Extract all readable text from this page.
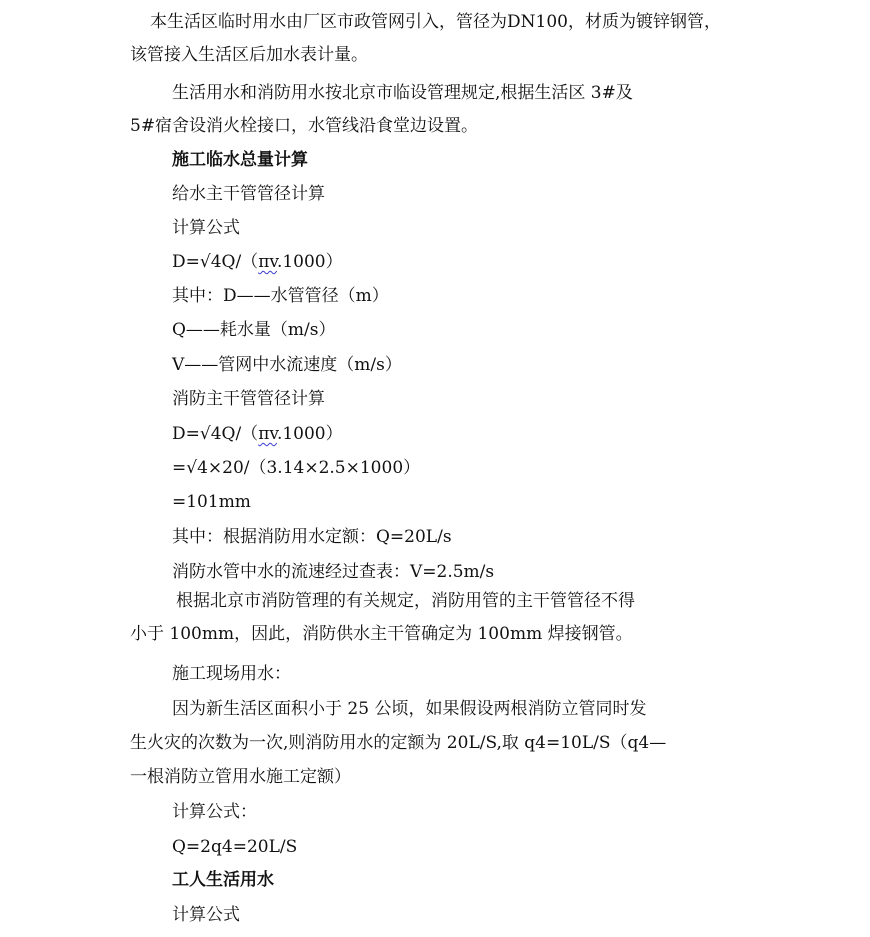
本生活区临时用水由厂区市政管网引入，管径为DN100，材质为镀锌钢管，
该管接入生活区后加水表计量。
生活用水和消防用水按北京市临设管理规定,根据生活区 3#及
5#宿舍设消火栓接口，水管线沿食堂边设置。
施工临水总量计算
给水主干管管径计算
计算公式
D=√4Q/（πv.1000）
其中：D——水管管径（m）
Q——耗水量（m/s）
V——管网中水流速度（m/s）
消防主干管管径计算
D=√4Q/（πv.1000）
=√4×20/（3.14×2.5×1000）
=101mm
其中：根据消防用水定额：Q=20L/s
消防水管中水的流速经过查表：V=2.5m/s
根据北京市消防管理的有关规定，消防用管的主干管管径不得
小于 100mm，因此，消防供水主干管确定为 100mm 焊接钢管。
施工现场用水：
因为新生活区面积小于 25 公顷，如果假设两根消防立管同时发
生火灾的次数为一次,则消防用水的定额为 20L/S,取 q4=10L/S（q4—
一根消防立管用水施工定额）
计算公式：
Q=2q4=20L/S
工人生活用水
计算公式
